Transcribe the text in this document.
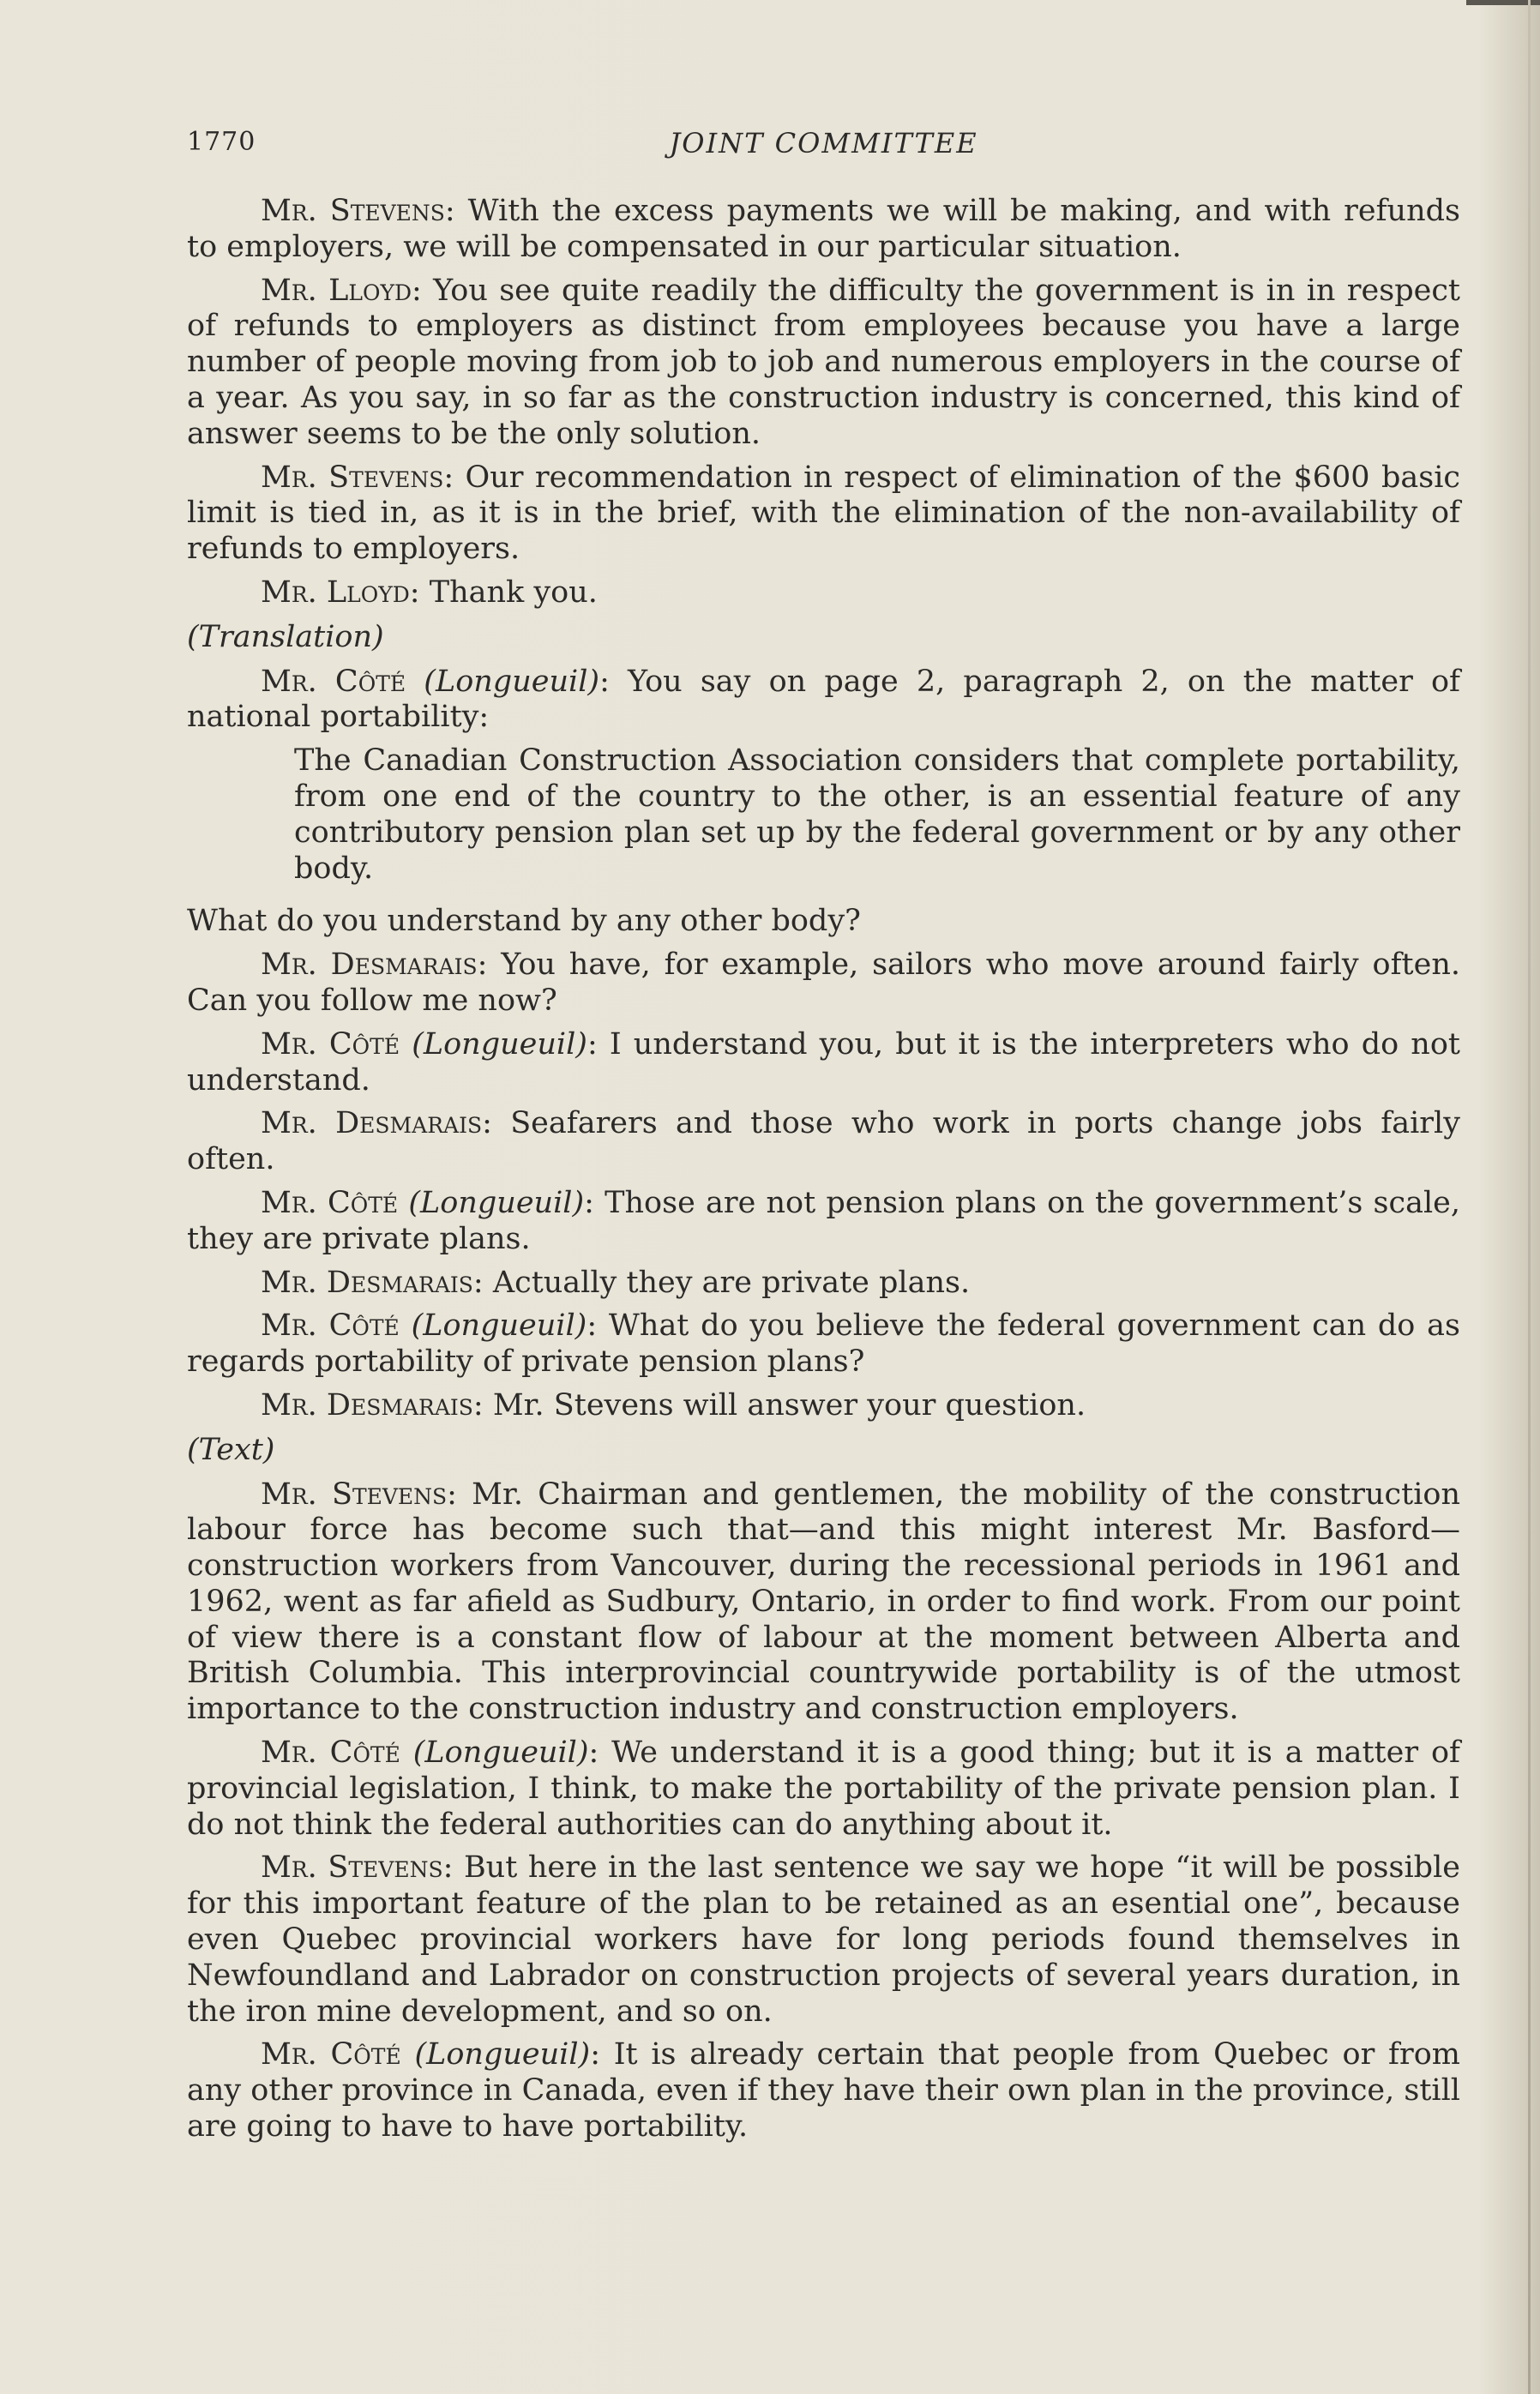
1770	JOINT COMMITTEE

Mr. Stevens: With the excess payments we will be making, and with refunds to employers, we will be compensated in our particular situation.

Mr. Lloyd: You see quite readily the difficulty the government is in in respect of refunds to employers as distinct from employees because you have a large number of people moving from job to job and numerous employers in the course of a year. As you say, in so far as the construction industry is concerned, this kind of answer seems to be the only solution.

Mr. Stevens: Our recommendation in respect of elimination of the $600 basic limit is tied in, as it is in the brief, with the elimination of the non-availability of refunds to employers.

Mr. Lloyd: Thank you.

(Translation)

Mr. Côté (Longueuil): You say on page 2, paragraph 2, on the matter of national portability:

The Canadian Construction Association considers that complete portability, from one end of the country to the other, is an essential feature of any contributory pension plan set up by the federal government or by any other body.

What do you understand by any other body?

Mr. Desmarais: You have, for example, sailors who move around fairly often. Can you follow me now?

Mr. Côté (Longueuil): I understand you, but it is the interpreters who do not understand.

Mr. Desmarais: Seafarers and those who work in ports change jobs fairly often.

Mr. Côté (Longueuil): Those are not pension plans on the government’s scale, they are private plans.

Mr. Desmarais: Actually they are private plans.

Mr. Côté (Longueuil): What do you believe the federal government can do as regards portability of private pension plans?

Mr. Desmarais: Mr. Stevens will answer your question.

(Text)

Mr. Stevens: Mr. Chairman and gentlemen, the mobility of the construction labour force has become such that—and this might interest Mr. Basford—construction workers from Vancouver, during the recessional periods in 1961 and 1962, went as far afield as Sudbury, Ontario, in order to find work. From our point of view there is a constant flow of labour at the moment between Alberta and British Columbia. This interprovincial countrywide portability is of the utmost importance to the construction industry and construction employers.

Mr. Côté (Longueuil): We understand it is a good thing; but it is a matter of provincial legislation, I think, to make the portability of the private pension plan. I do not think the federal authorities can do anything about it.

Mr. Stevens: But here in the last sentence we say we hope “it will be possible for this important feature of the plan to be retained as an esential one”, because even Quebec provincial workers have for long periods found themselves in Newfoundland and Labrador on construction projects of several years duration, in the iron mine development, and so on.

Mr. Côté (Longueuil): It is already certain that people from Quebec or from any other province in Canada, even if they have their own plan in the province, still are going to have to have portability.
